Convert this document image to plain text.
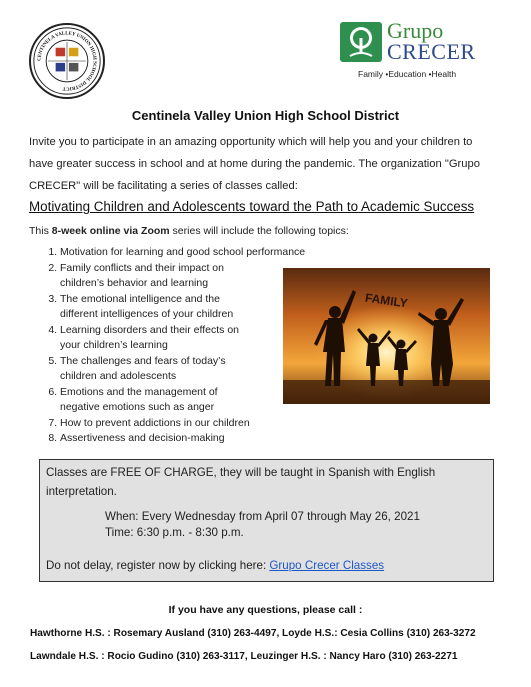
CENTINELA VALLEY UNION HIGH SCHOOL DISTRICT
Grupo
CRECER
Family •Education •Health
Centinela Valley Union High School District
Invite you to participate in an amazing opportunity which will help you and your children to
have greater success in school and at home during the pandemic. The organization "Grupo
CRECER" will be facilitating a series of classes called:
Motivating Children and Adolescents toward the Path to Academic Success
This 8-week online via Zoom series will include the following topics:
1. Motivation for learning and good school performance
2. Family conflicts and their impact on
children’s behavior and learning
3. The emotional intelligence and the
different intelligences of your children
4. Learning disorders and their effects on
your children’s learning
5. The challenges and fears of today’s
children and adolescents
6. Emotions and the management of
negative emotions such as anger
7. How to prevent addictions in our children
8. Assertiveness and decision-making
FAMILY
Classes are FREE OF CHARGE, they will be taught in Spanish with English interpretation.
When: Every Wednesday from April 07 through May 26, 2021
Time: 6:30 p.m. - 8:30 p.m.
Do not delay, register now by clicking here: Grupo Crecer Classes
If you have any questions, please call :
Hawthorne H.S. : Rosemary Ausland (310) 263-4497, Loyde H.S.: Cesia Collins (310) 263-3272
Lawndale H.S. : Rocio Gudino (310) 263-3117, Leuzinger H.S. : Nancy Haro (310) 263-2271
